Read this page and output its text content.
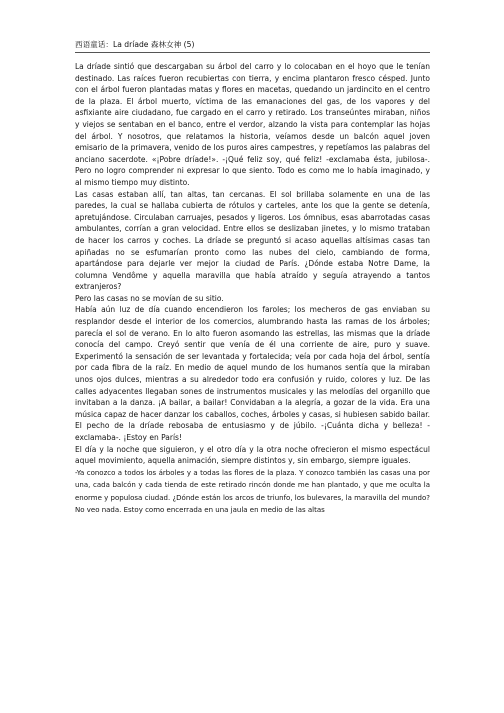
西语童话：La dríade 森林女神 (5)

La dríade sintió que descargaban su árbol del carro y lo colocaban en el hoyo que le tenían destinado. Las raíces fueron recubiertas con tierra, y encima plantaron fresco césped. Junto con el árbol fueron plantadas matas y flores en macetas, quedando un jardincito en el centro de la plaza. El árbol muerto, víctima de las emanaciones del gas, de los vapores y del asfixiante aire ciudadano, fue cargado en el carro y retirado. Los transeúntes miraban, niños y viejos se sentaban en el banco, entre el verdor, alzando la vista para contemplar las hojas del árbol. Y nosotros, que relatamos la historia, veíamos desde un balcón aquel joven emisario de la primavera, venido de los puros aires campestres, y repetíamos las palabras del anciano sacerdote. «¡Pobre dríade!». -¡Qué feliz soy, qué feliz! -exclamaba ésta, jubilosa-. Pero no logro comprender ni expresar lo que siento. Todo es como me lo había imaginado, y al mismo tiempo muy distinto.

Las casas estaban allí, tan altas, tan cercanas. El sol brillaba solamente en una de las paredes, la cual se hallaba cubierta de rótulos y carteles, ante los que la gente se detenía, apretujándose. Circulaban carruajes, pesados y ligeros. Los ómnibus, esas abarrotadas casas ambulantes, corrían a gran velocidad. Entre ellos se deslizaban jinetes, y lo mismo trataban de hacer los carros y coches. La dríade se preguntó si acaso aquellas altísimas casas tan apiñadas no se esfumarían pronto como las nubes del cielo, cambiando de forma, apartándose para dejarle ver mejor la ciudad de París. ¿Dónde estaba Notre Dame, la columna Vendôme y aquella maravilla que había atraído y seguía atrayendo a tantos extranjeros?

Pero las casas no se movían de su sitio.

Había aún luz de día cuando encendieron los faroles; los mecheros de gas enviaban su resplandor desde el interior de los comercios, alumbrando hasta las ramas de los árboles; parecía el sol de verano. En lo alto fueron asomando las estrellas, las mismas que la dríade conocía del campo. Creyó sentir que venía de él una corriente de aire, puro y suave. Experimentó la sensación de ser levantada y fortalecida; veía por cada hoja del árbol, sentía por cada fibra de la raíz. En medio de aquel mundo de los humanos sentía que la miraban unos ojos dulces, mientras a su alrededor todo era confusión y ruido, colores y luz. De las calles adyacentes llegaban sones de instrumentos musicales y las melodías del organillo que invitaban a la danza. ¡A bailar, a bailar! Convidaban a la alegría, a gozar de la vida. Era una música capaz de hacer danzar los caballos, coches, árboles y casas, si hubiesen sabido bailar. El pecho de la dríade rebosaba de entusiasmo y de júbilo. -¡Cuánta dicha y belleza! -exclamaba-. ¡Estoy en París!

El día y la noche que siguieron, y el otro día y la otra noche ofrecieron el mismo espectácul aquel movimiento, aquella animación, siempre distintos y, sin embargo, siempre iguales.

-Ya conozco a todos los árboles y a todas las flores de la plaza. Y conozco también las casas una por una, cada balcón y cada tienda de este retirado rincón donde me han plantado, y que me oculta la enorme y populosa ciudad. ¿Dónde están los arcos de triunfo, los bulevares, la maravilla del mundo? No veo nada. Estoy como encerrada en una jaula en medio de las altas
